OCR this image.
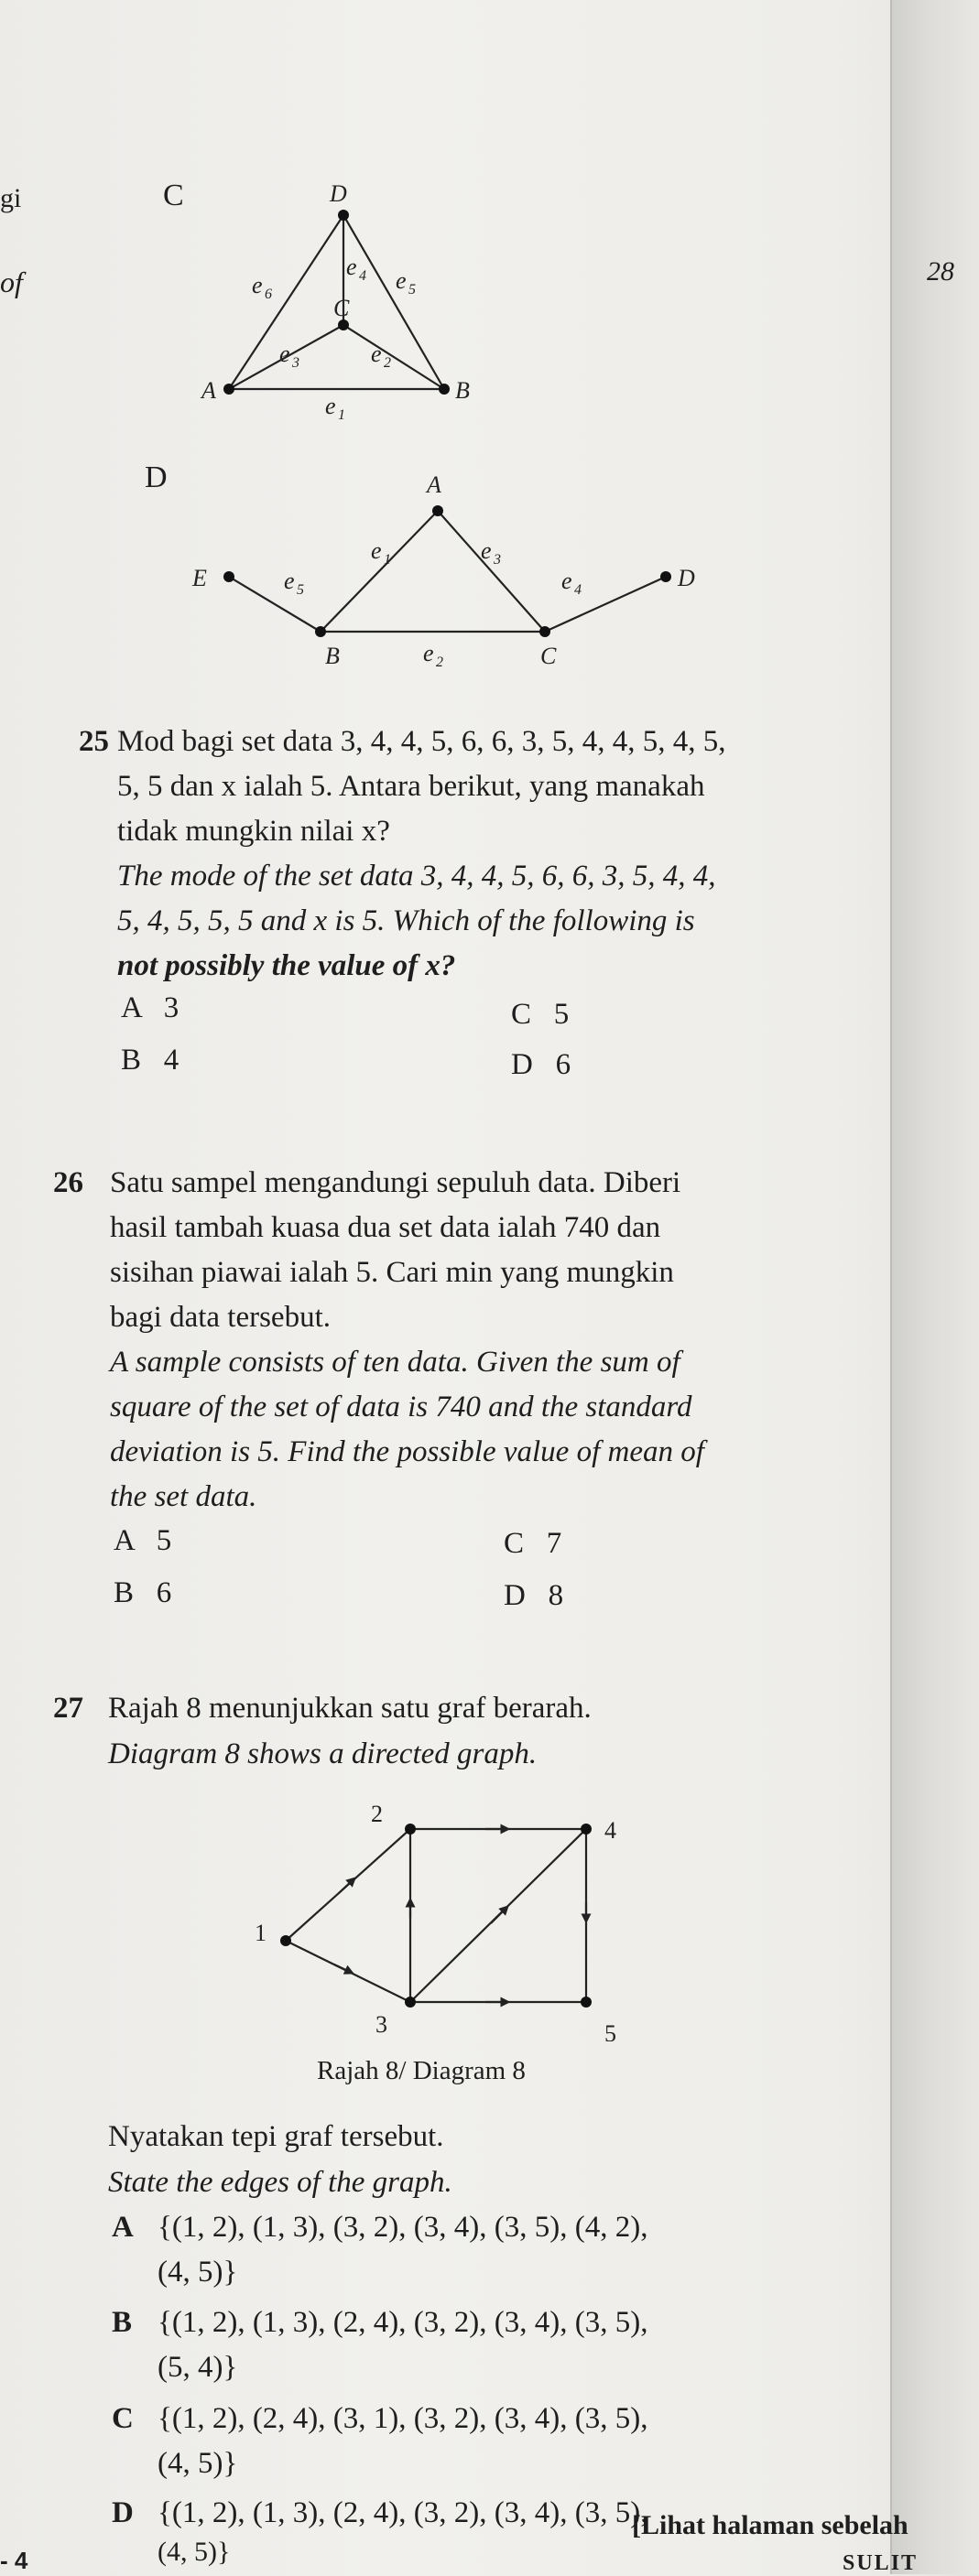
gi
of	28
C	D
A	B
C
e 6
e 4 e 5
e 3	e 2
e 1
D	A
E	D
B	C
e 1	e 3
e 5	e 4
e 2
25 Mod bagi set data 3, 4, 4, 5, 6, 6, 3, 5, 4, 4, 5, 4, 5,
5, 5 dan x ialah 5. Antara berikut, yang manakah
tidak mungkin nilai x?
The mode of the set data 3, 4, 4, 5, 6, 6, 3, 5, 4, 4,
5, 4, 5, 5, 5 and x is 5. Which of the following is
not possibly the value of x?
A   3	C   5
B   4	D   6
26 Satu sampel mengandungi sepuluh data. Diberi
hasil tambah kuasa dua set data ialah 740 dan
sisihan piawai ialah 5. Cari min yang mungkin
bagi data tersebut.
A sample consists of ten data. Given the sum of
square of the set of data is 740 and the standard
deviation is 5. Find the possible value of mean of
the set data.
A   5	C   7
B   6	D   8
27 Rajah 8 menunjukkan satu graf berarah.
Diagram 8 shows a directed graph.
1
2
4
3	5
Rajah 8/ Diagram 8
Nyatakan tepi graf tersebut.
State the edges of the graph.
A {(1, 2), (1, 3), (3, 2), (3, 4), (3, 5), (4, 2),
(4, 5)}
B {(1, 2), (1, 3), (2, 4), (3, 2), (3, 4), (3, 5),
(5, 4)}
C {(1, 2), (2, 4), (3, 1), (3, 2), (3, 4), (3, 5),
(4, 5)}
D {(1, 2), (1, 3), (2, 4), (3, 2), (3, 4), (3, 5),
(4, 5)}
- 4
[Lihat halaman sebelah
SULIT
